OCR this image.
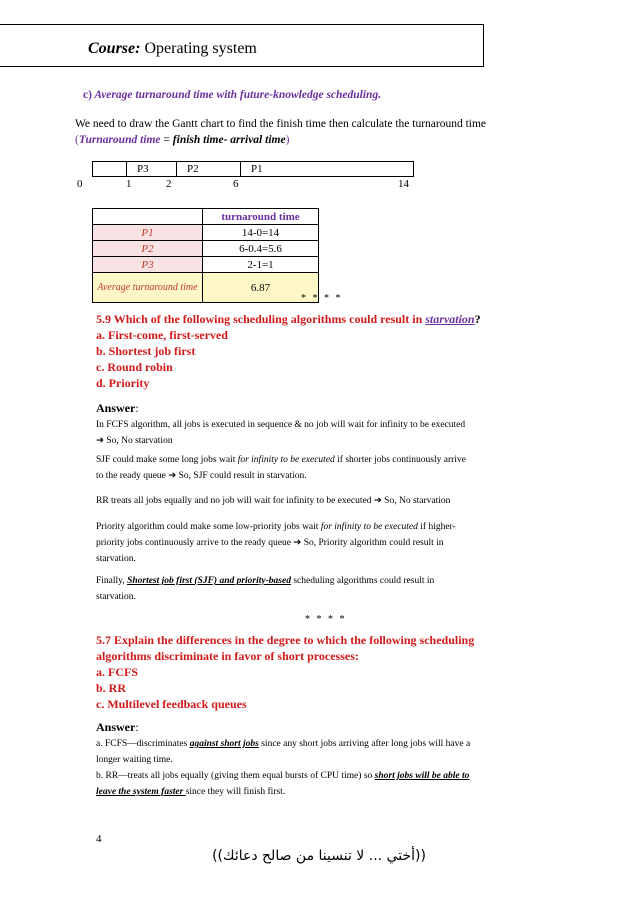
Course: Operating system
c) Average turnaround time with future-knowledge scheduling.
We need to draw the Gantt chart to find the finish time then calculate the turnaround time
(Turnaround time = finish time- arrival time)
P3	P2	P1
0	1	2	6	14
	turnaround time
P1	14-0=14
P2	6-0.4=5.6
P3	2-1=1
Average turnaround time	6.87
* * * *
5.9 Which of the following scheduling algorithms could result in starvation?
a. First-come, first-served
b. Shortest job first
c. Round robin
d. Priority
Answer:
In FCFS algorithm, all jobs is executed in sequence & no job will wait for infinity to be executed
➔ So, No starvation
SJF could make some long jobs wait for infinity to be executed if shorter jobs continuously arrive
to the ready queue ➔ So, SJF could result in starvation.
RR treats all jobs equally and no job will wait for infinity to be executed ➔ So, No starvation
Priority algorithm could make some low-priority jobs wait for infinity to be executed if higher-
priority jobs continuously arrive to the ready queue ➔ So, Priority algorithm could result in
starvation.
Finally, Shortest job first (SJF) and priority-based scheduling algorithms could result in
starvation.
* * * *
5.7 Explain the differences in the degree to which the following scheduling
algorithms discriminate in favor of short processes:
a. FCFS
b. RR
c. Multilevel feedback queues
Answer:
a. FCFS—discriminates against short jobs since any short jobs arriving after long jobs will have a
longer waiting time.
b. RR—treats all jobs equally (giving them equal bursts of CPU time) so short jobs will be able to
leave the system faster since they will finish first.
4
((أختي ... لا تنسينا من صالح دعائك))
